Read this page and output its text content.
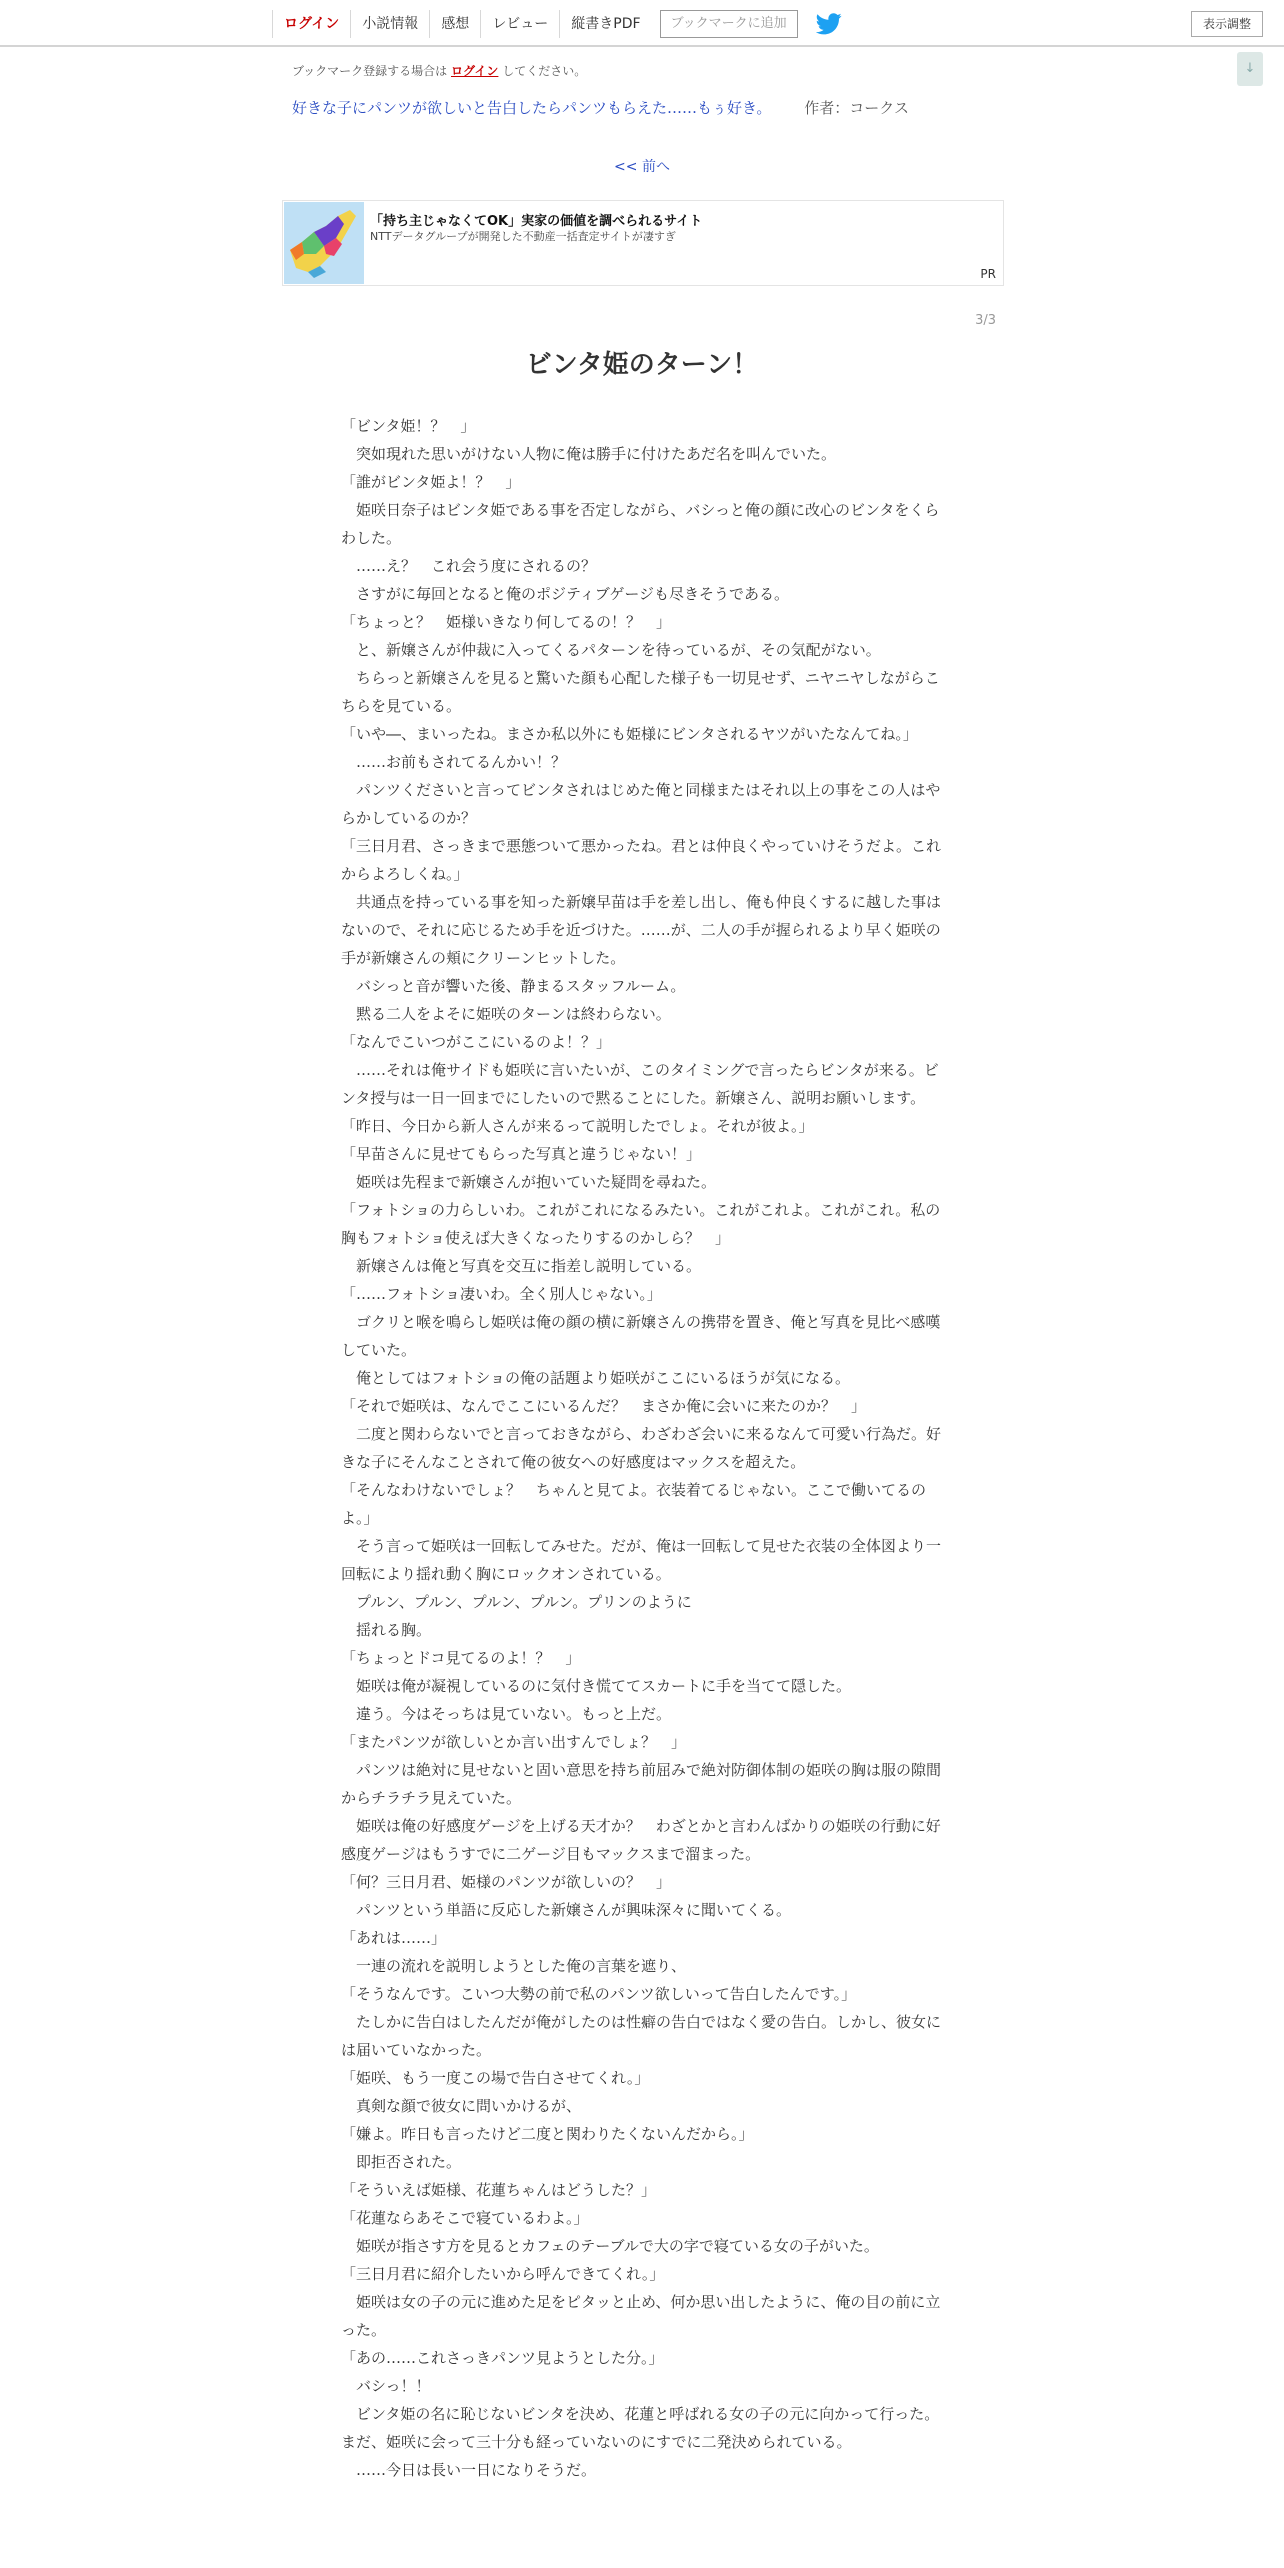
ログイン	小説情報	感想	レビュー	縦書きPDF	ブックマークに追加	表示調整
↓
ブックマーク登録する場合は ログイン してください。
好きな子にパンツが欲しいと告白したらパンツもらえた……もぅ好き。 作者：コークス
<< 前へ
「持ち主じゃなくてOK」実家の価値を調べられるサイト
NTTデータグループが開発した不動産一括査定サイトが凄すぎ
PR
3/3
ビンタ姫のターン！

「ビンタ姫！？　」

　突如現れた思いがけない人物に俺は勝手に付けたあだ名を叫んでいた。

「誰がビンタ姫よ！？　」

　姫咲日奈子はビンタ姫である事を否定しながら、バシっと俺の顔に改心のビンタをくらわした。

　……え？　これ会う度にされるの？

　さすがに毎回となると俺のポジティブゲージも尽きそうである。

「ちょっと？　姫様いきなり何してるの！？　」

　と、新嬢さんが仲裁に入ってくるパターンを待っているが、その気配がない。

　ちらっと新嬢さんを見ると驚いた顔も心配した様子も一切見せず、ニヤニヤしながらこちらを見ている。

「いや―、まいったね。まさか私以外にも姫様にビンタされるヤツがいたなんてね。」

　……お前もされてるんかい！？

　パンツくださいと言ってビンタされはじめた俺と同様またはそれ以上の事をこの人はやらかしているのか？

「三日月君、さっきまで悪態ついて悪かったね。君とは仲良くやっていけそうだよ。これからよろしくね。」

　共通点を持っている事を知った新嬢早苗は手を差し出し、俺も仲良くするに越した事はないので、それに応じるため手を近づけた。……が、二人の手が握られるより早く姫咲の手が新嬢さんの頬にクリーンヒットした。

　バシっと音が響いた後、静まるスタッフルーム。

　黙る二人をよそに姫咲のターンは終わらない。

「なんでこいつがここにいるのよ！？」

　……それは俺サイドも姫咲に言いたいが、このタイミングで言ったらビンタが来る。ビンタ授与は一日一回までにしたいので黙ることにした。新嬢さん、説明お願いします。

「昨日、今日から新人さんが来るって説明したでしょ。それが彼よ。」

「早苗さんに見せてもらった写真と違うじゃない！」

　姫咲は先程まで新嬢さんが抱いていた疑問を尋ねた。

「フォトショの力らしいわ。これがこれになるみたい。これがこれよ。これがこれ。私の胸もフォトショ使えば大きくなったりするのかしら？　」

　新嬢さんは俺と写真を交互に指差し説明している。

「……フォトショ凄いわ。全く別人じゃない。」

　ゴクリと喉を鳴らし姫咲は俺の顔の横に新嬢さんの携帯を置き、俺と写真を見比べ感嘆していた。

　俺としてはフォトショの俺の話題より姫咲がここにいるほうが気になる。

「それで姫咲は、なんでここにいるんだ？　まさか俺に会いに来たのか？　」

　二度と関わらないでと言っておきながら、わざわざ会いに来るなんて可愛い行為だ。好きな子にそんなことされて俺の彼女への好感度はマックスを超えた。

「そんなわけないでしょ？　ちゃんと見てよ。衣装着てるじゃない。ここで働いてるのよ。」

　そう言って姫咲は一回転してみせた。だが、俺は一回転して見せた衣装の全体図より一回転により揺れ動く胸にロックオンされている。

　プルン、プルン、プルン、プルン。プリンのように

　揺れる胸。

「ちょっとドコ見てるのよ！？　」

　姫咲は俺が凝視しているのに気付き慌ててスカートに手を当てて隠した。

　違う。今はそっちは見ていない。もっと上だ。

「またパンツが欲しいとか言い出すんでしょ？　」

　パンツは絶対に見せないと固い意思を持ち前屈みで絶対防御体制の姫咲の胸は服の隙間からチラチラ見えていた。

　姫咲は俺の好感度ゲージを上げる天才か？　わざとかと言わんばかりの姫咲の行動に好感度ゲージはもうすでに二ゲージ目もマックスまで溜まった。

「何？三日月君、姫様のパンツが欲しいの？　」

　パンツという単語に反応した新嬢さんが興味深々に聞いてくる。

「あれは……」

　一連の流れを説明しようとした俺の言葉を遮り、

「そうなんです。こいつ大勢の前で私のパンツ欲しいって告白したんです。」

　たしかに告白はしたんだが俺がしたのは性癖の告白ではなく愛の告白。しかし、彼女には届いていなかった。

「姫咲、もう一度この場で告白させてくれ。」

　真剣な顔で彼女に問いかけるが、

「嫌よ。昨日も言ったけど二度と関わりたくないんだから。」

　即拒否された。

「そういえば姫様、花蓮ちゃんはどうした？」

「花蓮ならあそこで寝ているわよ。」

　姫咲が指さす方を見るとカフェのテーブルで大の字で寝ている女の子がいた。

「三日月君に紹介したいから呼んできてくれ。」

　姫咲は女の子の元に進めた足をピタッと止め、何か思い出したように、俺の目の前に立った。

「あの……これさっきパンツ見ようとした分。」

　バシっ！！

　ビンタ姫の名に恥じないビンタを決め、花蓮と呼ばれる女の子の元に向かって行った。まだ、姫咲に会って三十分も経っていないのにすでに二発決められている。

　……今日は長い一日になりそうだ。
